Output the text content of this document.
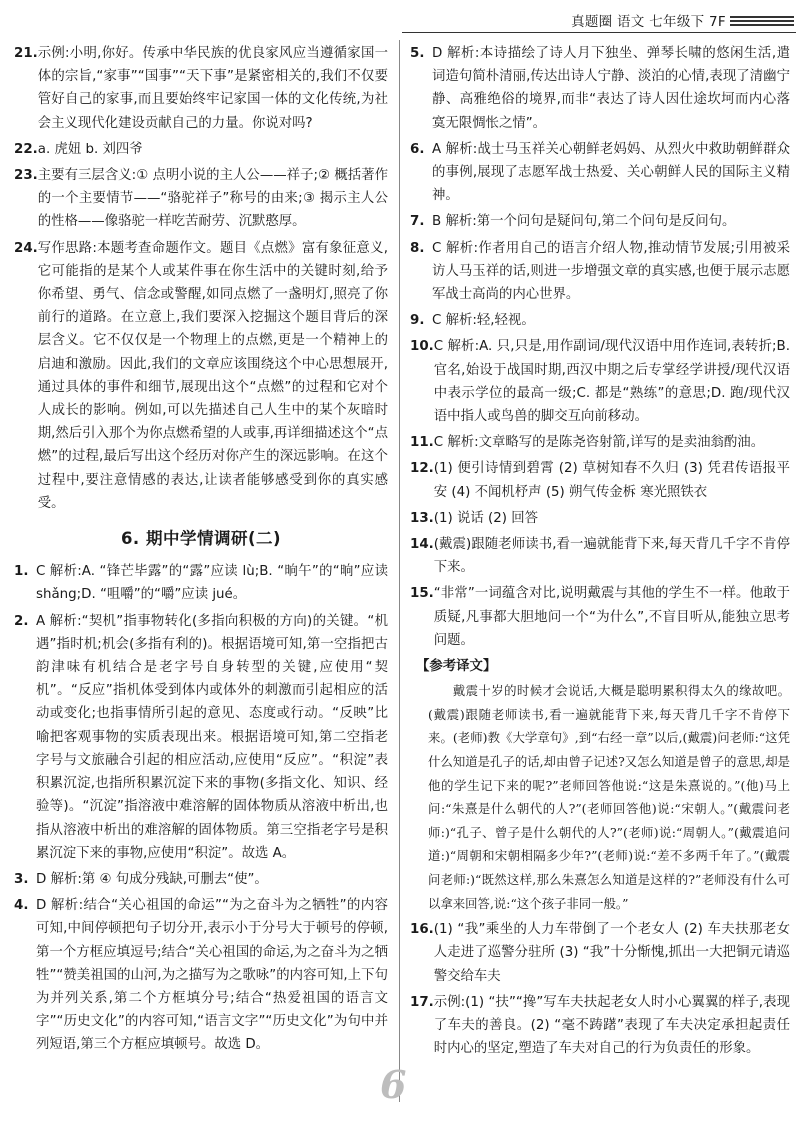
真题圈 语文 七年级下 7F
21. 示例:小明,你好。传承中华民族的优良家风应当遵循家国一体的宗旨,“家事”“国事”“天下事”是紧密相关的,我们不仅要管好自己的家事,而且要始终牢记家国一体的文化传统,为社会主义现代化建设贡献自己的力量。你说对吗?
22. a. 虎妞 b. 刘四爷
23. 主要有三层含义:① 点明小说的主人公——祥子;② 概括著作的一个主要情节——“骆驼祥子”称号的由来;③ 揭示主人公的性格——像骆驼一样吃苦耐劳、沉默憨厚。
24. 写作思路:本题考查命题作文。题目《点燃》富有象征意义,它可能指的是某个人或某件事在你生活中的关键时刻,给予你希望、勇气、信念或警醒,如同点燃了一盏明灯,照亮了你前行的道路。在立意上,我们要深入挖掘这个题目背后的深层含义。它不仅仅是一个物理上的点燃,更是一个精神上的启迪和激励。因此,我们的文章应该围绕这个中心思想展开,通过具体的事件和细节,展现出这个“点燃”的过程和它对个人成长的影响。例如,可以先描述自己人生中的某个灰暗时期,然后引入那个为你点燃希望的人或事,再详细描述这个“点燃”的过程,最后写出这个经历对你产生的深远影响。在这个过程中,要注意情感的表达,让读者能够感受到你的真实感受。
6. 期中学情调研(二)
1. C 解析:A. “锋芒毕露”的“露”应读 lù;B. “晌午”的“晌”应读 shǎng;D. “咀嚼”的“嚼”应读 jué。
2. A 解析:“契机”指事物转化(多指向积极的方向)的关键。“机遇”指时机;机会(多指有利的)。根据语境可知,第一空指把古韵津味有机结合是老字号自身转型的关键,应使用“契机”。“反应”指机体受到体内或体外的刺激而引起相应的活动或变化;也指事情所引起的意见、态度或行动。“反映”比喻把客观事物的实质表现出来。根据语境可知,第二空指老字号与文旅融合引起的相应活动,应使用“反应”。“积淀”表积累沉淀,也指所积累沉淀下来的事物(多指文化、知识、经验等)。“沉淀”指溶液中难溶解的固体物质从溶液中析出,也指从溶液中析出的难溶解的固体物质。第三空指老字号是积累沉淀下来的事物,应使用“积淀”。故选 A。
3. D 解析:第 ④ 句成分残缺,可删去“使”。
4. D 解析:结合“关心祖国的命运”“为之奋斗为之牺牲”的内容可知,中间停顿把句子切分开,表示小于分号大于顿号的停顿,第一个方框应填逗号;结合“关心祖国的命运,为之奋斗为之牺牲”“赞美祖国的山河,为之描写为之歌咏”的内容可知,上下句为并列关系,第二个方框填分号;结合“热爱祖国的语言文字”“历史文化”的内容可知,“语言文字”“历史文化”为句中并列短语,第三个方框应填顿号。故选 D。
5. D 解析:本诗描绘了诗人月下独坐、弹琴长啸的悠闲生活,遣词造句简朴清丽,传达出诗人宁静、淡泊的心情,表现了清幽宁静、高雅绝俗的境界,而非“表达了诗人因仕途坎坷而内心落寞无限惆怅之情”。
6. A 解析:战士马玉祥关心朝鲜老妈妈、从烈火中救助朝鲜群众的事例,展现了志愿军战士热爱、关心朝鲜人民的国际主义精神。
7. B 解析:第一个问句是疑问句,第二个问句是反问句。
8. C 解析:作者用自己的语言介绍人物,推动情节发展;引用被采访人马玉祥的话,则进一步增强文章的真实感,也便于展示志愿军战士高尚的内心世界。
9. C 解析:轻,轻视。
10. C 解析:A. 只,只是,用作副词/现代汉语中用作连词,表转折;B. 官名,始设于战国时期,西汉中期之后专掌经学讲授/现代汉语中表示学位的最高一级;C. 都是“熟练”的意思;D. 跑/现代汉语中指人或鸟兽的脚交互向前移动。
11. C 解析:文章略写的是陈尧咨射箭,详写的是卖油翁酌油。
12. (1) 便引诗情到碧霄 (2) 草树知春不久归 (3) 凭君传语报平安 (4) 不闻机杼声 (5) 朔气传金柝 寒光照铁衣
13. (1) 说话 (2) 回答
14. (戴震)跟随老师读书,看一遍就能背下来,每天背几千字不肯停下来。
15. “非常”一词蕴含对比,说明戴震与其他的学生不一样。他敢于质疑,凡事都大胆地问一个“为什么”,不盲目听从,能独立思考问题。
【参考译文】
戴震十岁的时候才会说话,大概是聪明累积得太久的缘故吧。(戴震)跟随老师读书,看一遍就能背下来,每天背几千字不肯停下来。(老师)教《大学章句》,到“右经一章”以后,(戴震)问老师:“这凭什么知道是孔子的话,却由曾子记述?又怎么知道是曾子的意思,却是他的学生记下来的呢?”老师回答他说:“这是朱熹说的。”(他)马上问:“朱熹是什么朝代的人?”(老师回答他)说:“宋朝人。”(戴震问老师:)“孔子、曾子是什么朝代的人?”(老师)说:“周朝人。”(戴震追问道:)“周朝和宋朝相隔多少年?”(老师)说:“差不多两千年了。”(戴震问老师:)“既然这样,那么朱熹怎么知道是这样的?”老师没有什么可以拿来回答,说:“这个孩子非同一般。”
16. (1) “我”乘坐的人力车带倒了一个老女人 (2) 车夫扶那老女人走进了巡警分驻所 (3) “我”十分惭愧,抓出一大把铜元请巡警交给车夫
17. 示例:(1) “扶”“搀”写车夫扶起老女人时小心翼翼的样子,表现了车夫的善良。(2) “毫不踌躇”表现了车夫决定承担起责任时内心的坚定,塑造了车夫对自己的行为负责任的形象。
6
